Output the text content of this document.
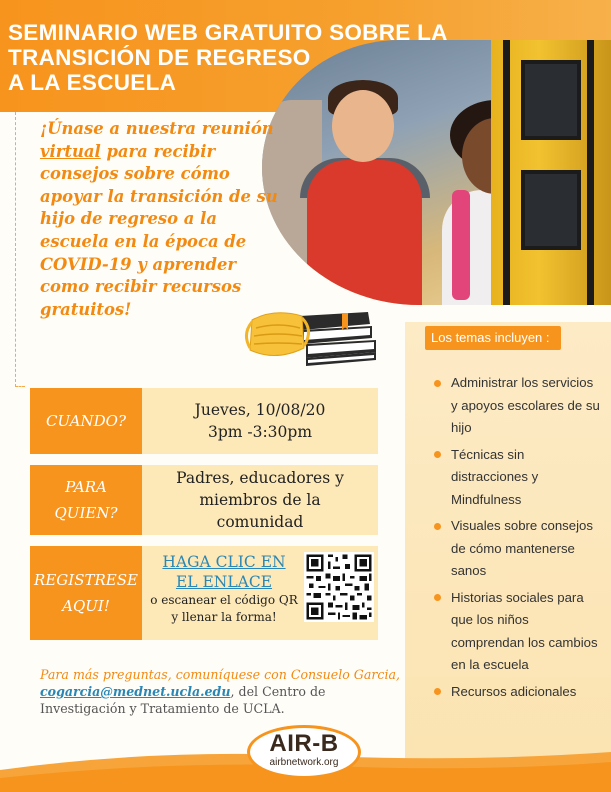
SEMINARIO WEB GRATUITO SOBRE LA
TRANSICIÓN DE REGRESO
A LA ESCUELA
¡Únase a nuestra reunión virtual para recibir consejos sobre cómo apoyar la transición de su hijo de regreso a la escuela en la época de COVID-19 y aprender como recibir recursos gratuitos!
Los temas incluyen :
Administrar los servicios y apoyos escolares de su hijo
Técnicas sin distracciones y Mindfulness
Visuales sobre consejos de cómo mantenerse sanos
Historias sociales para que los niños comprendan los cambios en la escuela
Recursos adicionales
CUANDO?
Jueves, 10/08/20
3pm -3:30pm
PARA
QUIEN?
Padres, educadores y
miembros de la
comunidad
REGISTRESE
AQUI!
HAGA CLIC EN
EL ENLACE
o escanear el código QR y llenar la forma!
Para más preguntas, comuníquese con Consuelo Garcia, cogarcia@mednet.ucla.edu, del Centro de Investigación y Tratamiento de UCLA.
AIR-B
airbnetwork.org
